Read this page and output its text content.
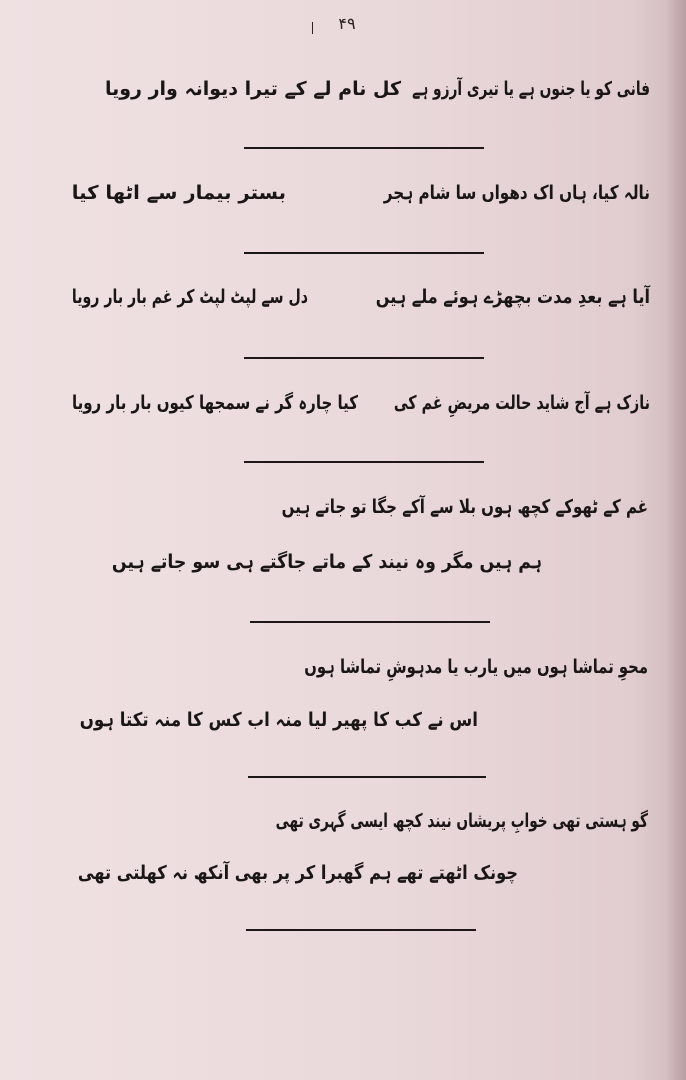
۴۹
کل نام لے کے تیرا دیوانہ وار رویا فانی کو یا جنوں ہے یا تیری آرزو ہے
بستر بیمار سے اٹھا کیا	نالہ کیا، ہاں اک دھواں سا شام ہجر
دل سے لپٹ لپٹ کر غم بار بار رویا	آیا ہے بعدِ مدت بچھڑے ہوئے ملے ہیں
کیا چارہ گر نے سمجھا کیوں بار بار رویا نازک ہے آج شاید حالت مریضِ غم کی
غم کے ٹھوکے کچھ ہوں بلا سے آکے جگا تو جاتے ہیں
ہم ہیں مگر وہ نیند کے ماتے جاگتے ہی سو جاتے ہیں
محوِ تماشا ہوں میں یارب یا مدہوشِ تماشا ہوں
اس نے کب کا پھیر لیا منہ اب کس کا منہ تکتا ہوں
گو ہستی تھی خوابِ پریشاں نیند کچھ ایسی گہری تھی
چونک اٹھتے تھے ہم گھبرا کر پر بھی آنکھ نہ کھلتی تھی
